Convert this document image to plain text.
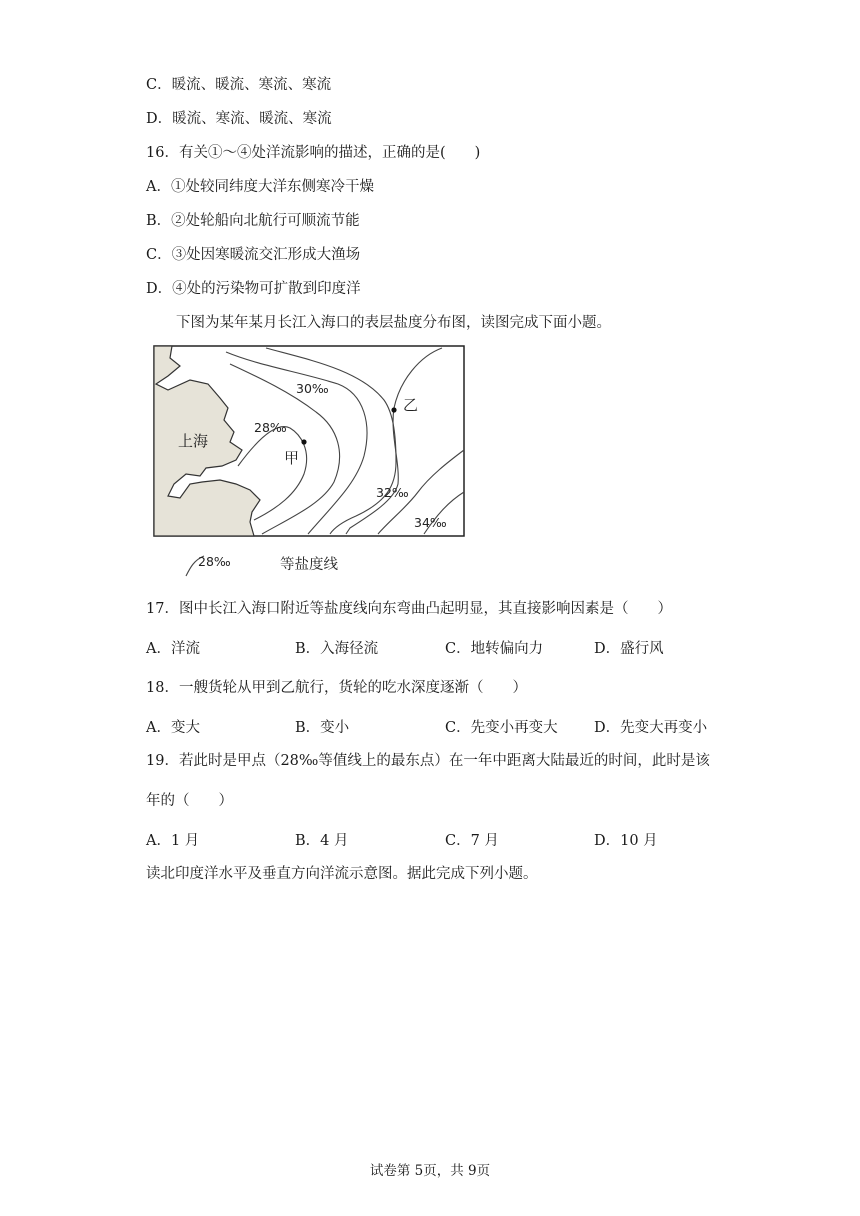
C．暖流、暖流、寒流、寒流
D．暖流、寒流、暖流、寒流
16．有关①～④处洋流影响的描述，正确的是(　　)
A．①处较同纬度大洋东侧寒冷干燥
B．②处轮船向北航行可顺流节能
C．③处因寒暖流交汇形成大渔场
D．④处的污染物可扩散到印度洋
下图为某年某月长江入海口的表层盐度分布图，读图完成下面小题。
上海
甲
乙
28‰
30‰
32‰
34‰
28‰	等盐度线
17．图中长江入海口附近等盐度线向东弯曲凸起明显，其直接影响因素是（　　）
A．洋流	B．入海径流	C．地转偏向力	D．盛行风
18．一艘货轮从甲到乙航行，货轮的吃水深度逐渐（　　）
A．变大	B．变小	C．先变小再变大	D．先变大再变小
19．若此时是甲点（28‰等值线上的最东点）在一年中距离大陆最近的时间，此时是该
年的（　　）
A．1 月	B．4 月	C．7 月	D．10 月
读北印度洋水平及垂直方向洋流示意图。据此完成下列小题。
试卷第 5页，共 9页
